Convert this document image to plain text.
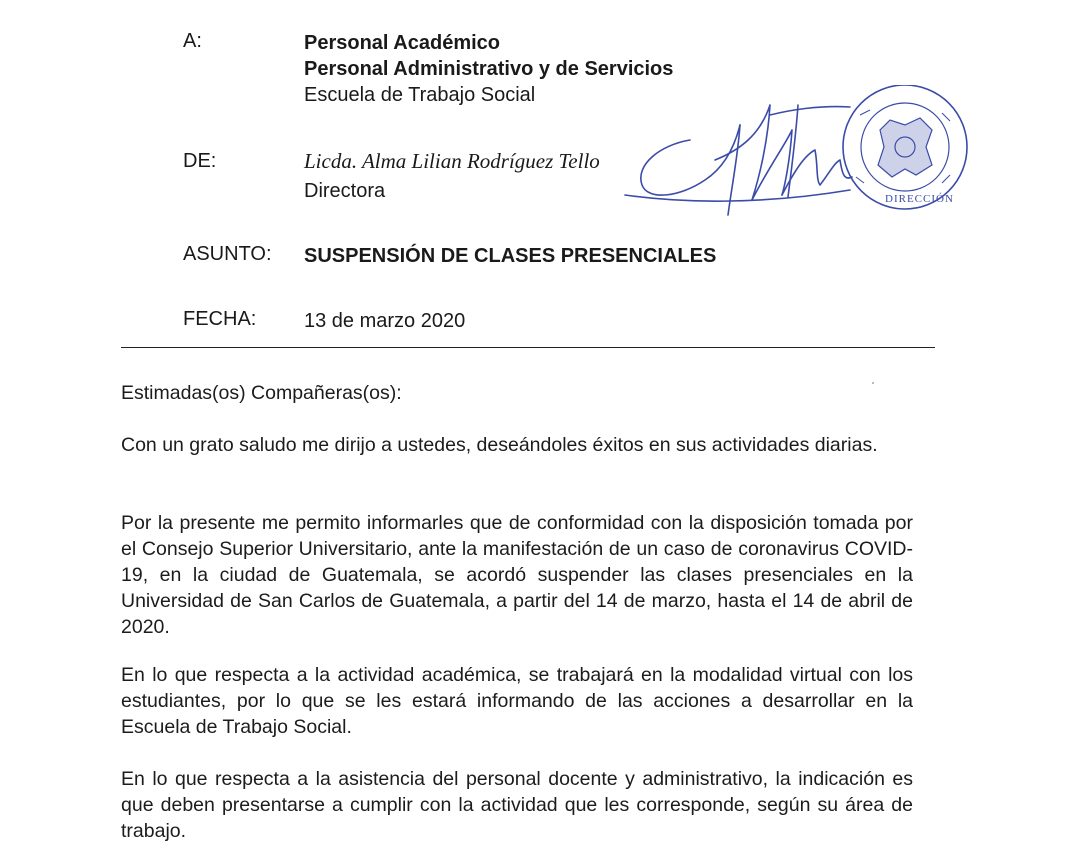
A:	Personal Académico
Personal Administrativo y de Servicios
Escuela de Trabajo Social
DE:	Licda. Alma Lilian Rodríguez Tello
Directora
ASUNTO: SUSPENSIÓN DE CLASES PRESENCIALES
FECHA: 13 de marzo 2020
DIRECCIÓN
Estimadas(os) Compañeras(os):
Con un grato saludo me dirijo a ustedes, deseándoles éxitos en sus actividades diarias.
Por la presente me permito informarles que de conformidad con la disposición tomada por el Consejo Superior Universitario, ante la manifestación de un caso de coronavirus COVID-19, en la ciudad de Guatemala, se acordó suspender las clases presenciales en la Universidad de San Carlos de Guatemala, a partir del 14 de marzo, hasta el 14 de abril de 2020.
En lo que respecta a la actividad académica, se trabajará en la modalidad virtual con los estudiantes, por lo que se les estará informando de las acciones a desarrollar en la Escuela de Trabajo Social.
En lo que respecta a la asistencia del personal docente y administrativo, la indicación es que deben presentarse a cumplir con la actividad que les corresponde, según su área de trabajo.
